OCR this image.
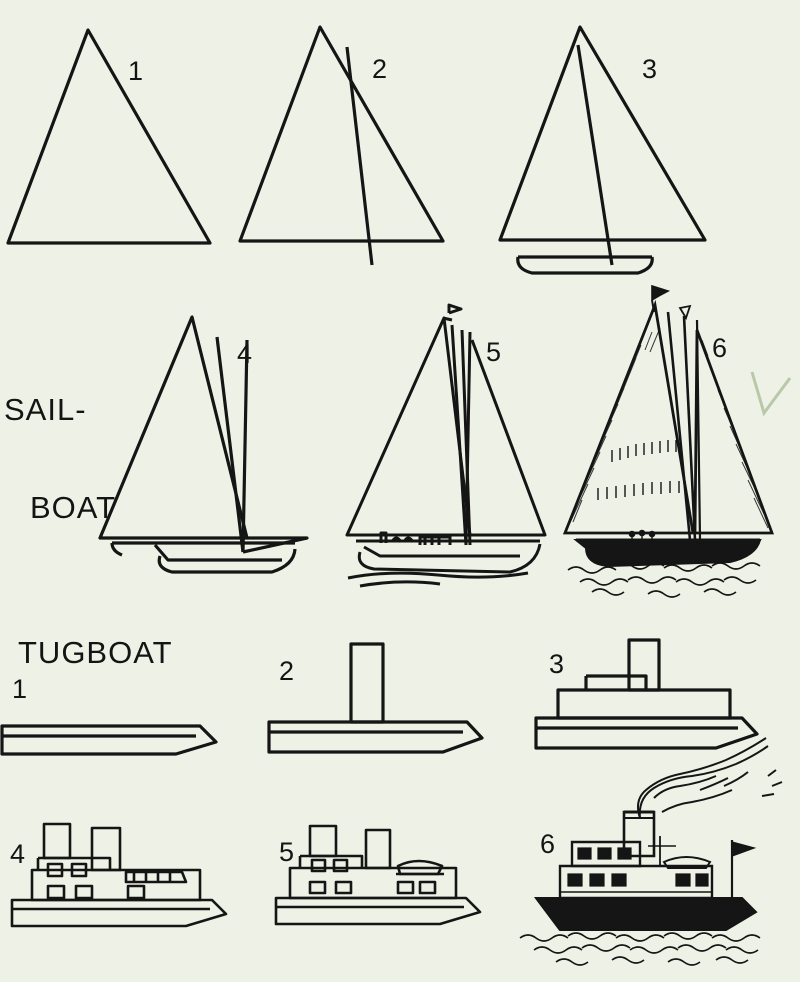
1	2	3

SAIL-

BOAT

4	5	6
TUGBOAT
1
2	3
4	5	6
